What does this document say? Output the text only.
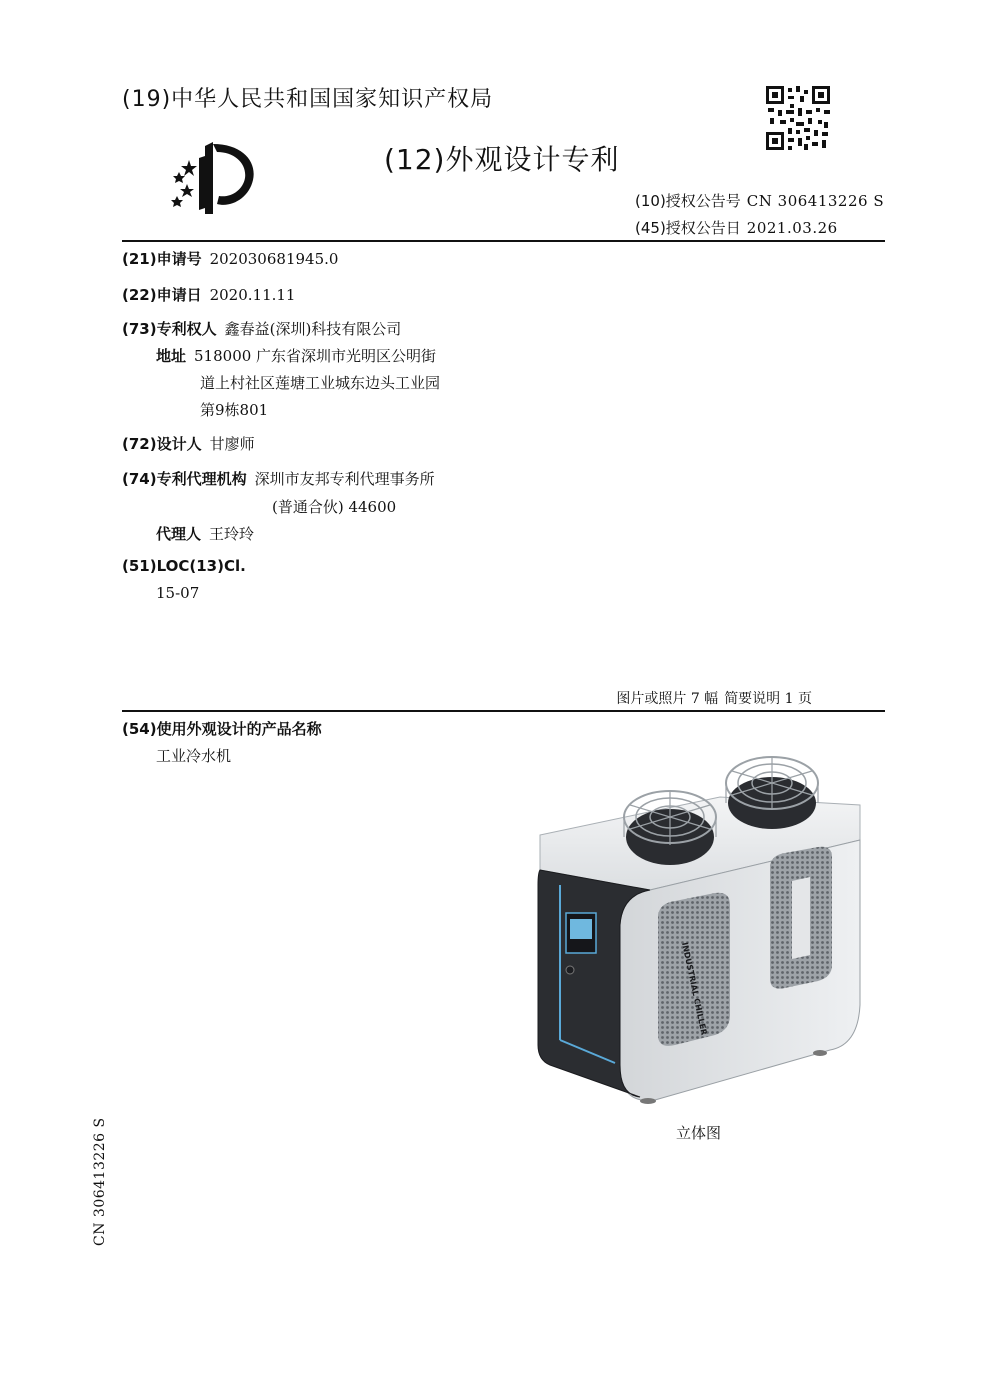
(19)中华人民共和国国家知识产权局
(12)外观设计专利
(10)授权公告号 CN 306413226 S
(45)授权公告日 2021.03.26
(21)申请号 202030681945.0
(22)申请日 2020.11.11
(73)专利权人 鑫春益(深圳)科技有限公司
地址 518000 广东省深圳市光明区公明街
道上村社区莲塘工业城东边头工业园
第9栋801
(72)设计人 甘廖师
(74)专利代理机构 深圳市友邦专利代理事务所
(普通合伙) 44600
代理人 王玲玲
(51)LOC(13)Cl.
15-07
图片或照片 7 幅 简要说明 1 页
(54)使用外观设计的产品名称
工业冷水机
INDUSTRIAL CHILLER
立体图
CN 306413226 S
